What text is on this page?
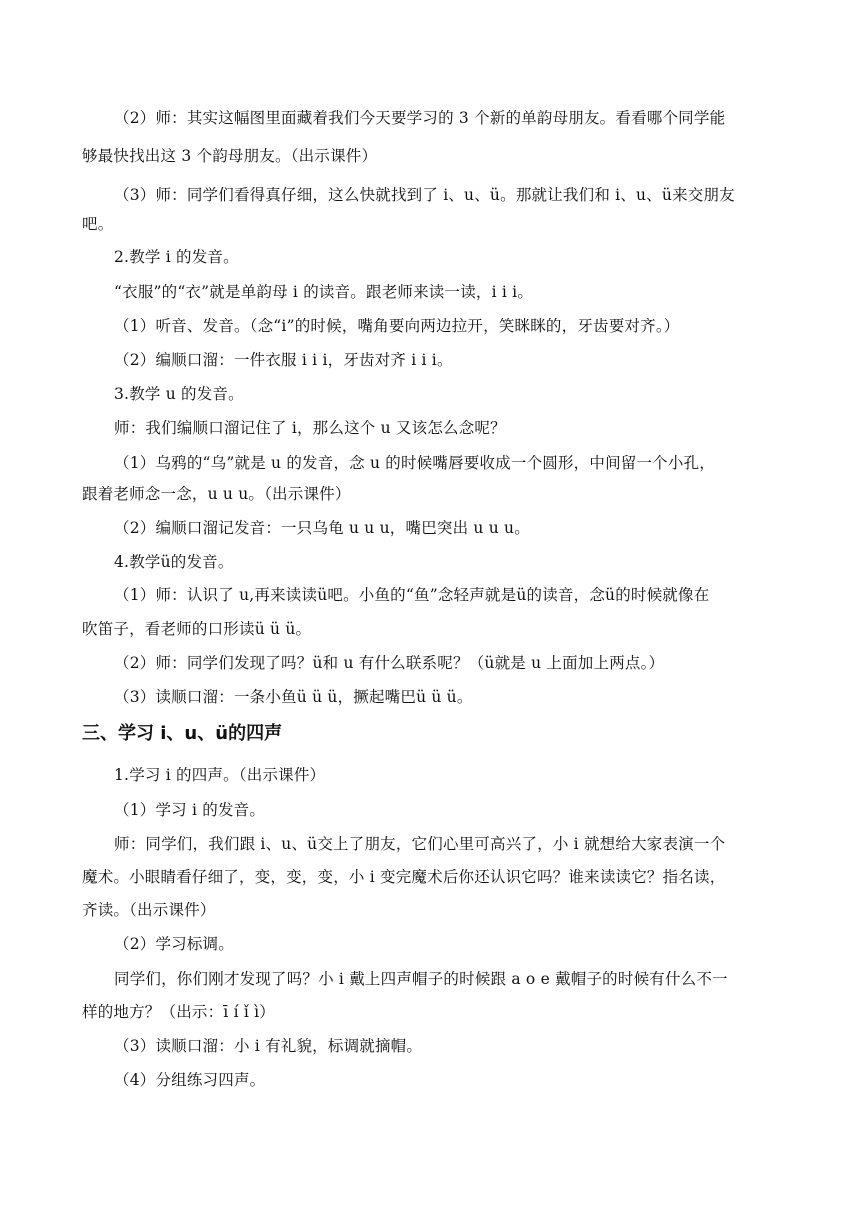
（2）师：其实这幅图里面藏着我们今天要学习的 3 个新的单韵母朋友。看看哪个同学能
够最快找出这 3 个韵母朋友。（出示课件）
（3）师：同学们看得真仔细，这么快就找到了 i、u、ü。那就让我们和 i、u、ü来交朋友
吧。
2.教学 i 的发音。
“衣服”的“衣”就是单韵母 i 的读音。跟老师来读一读，i i i。
（1）听音、发音。（念“i”的时候，嘴角要向两边拉开，笑眯眯的，牙齿要对齐。）
（2）编顺口溜：一件衣服 i i i，牙齿对齐 i i i。
3.教学 u 的发音。
师：我们编顺口溜记住了 i，那么这个 u 又该怎么念呢？
（1）乌鸦的“乌”就是 u 的发音，念 u 的时候嘴唇要收成一个圆形，中间留一个小孔，
跟着老师念一念，u u u。（出示课件）
（2）编顺口溜记发音：一只乌龟 u u u，嘴巴突出 u u u。
4.教学ü的发音。
（1）师：认识了 u,再来读读ü吧。小鱼的“鱼”念轻声就是ü的读音，念ü的时候就像在
吹笛子，看老师的口形读ü ü ü。
（2）师：同学们发现了吗？ü和 u 有什么联系呢？（ü就是 u 上面加上两点。）
（3）读顺口溜：一条小鱼ü ü ü，撅起嘴巴ü ü ü。
三、学习 i、u、ü的四声
1.学习 i 的四声。（出示课件）
（1）学习 i 的发音。
师：同学们，我们跟 i、u、ü交上了朋友，它们心里可高兴了，小 i 就想给大家表演一个
魔术。小眼睛看仔细了，变，变，变，小 i 变完魔术后你还认识它吗？谁来读读它？指名读，
齐读。（出示课件）
（2）学习标调。
同学们，你们刚才发现了吗？小 i 戴上四声帽子的时候跟 a o e 戴帽子的时候有什么不一
样的地方？（出示：ī í ǐ ì）
（3）读顺口溜：小 i 有礼貌，标调就摘帽。
（4）分组练习四声。
